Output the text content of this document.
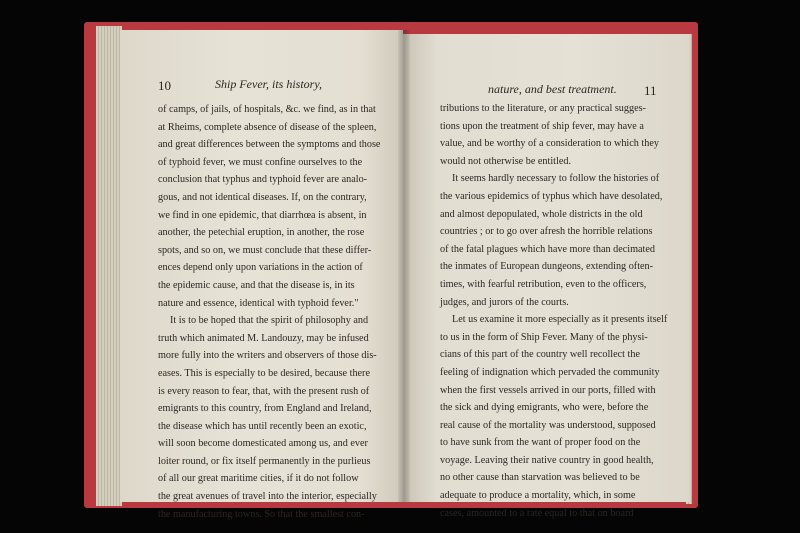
10	Ship Fever, its history,	nature, and best treatment. 11
of camps, of jails, of hospitals, &c. we find, as in that
at Rheims, complete absence of disease of the spleen,
and great differences between the symptoms and those
of typhoid fever, we must confine ourselves to the
conclusion that typhus and typhoid fever are analo-
gous, and not identical diseases. If, on the contrary,
we find in one epidemic, that diarrhœa is absent, in
another, the petechial eruption, in another, the rose
spots, and so on, we must conclude that these differ-
ences depend only upon variations in the action of
the epidemic cause, and that the disease is, in its
nature and essence, identical with typhoid fever."
It is to be hoped that the spirit of philosophy and
truth which animated M. Landouzy, may be infused
more fully into the writers and observers of those dis-
eases. This is especially to be desired, because there
is every reason to fear, that, with the present rush of
emigrants to this country, from England and Ireland,
the disease which has until recently been an exotic,
will soon become domesticated among us, and ever
loiter round, or fix itself permanently in the purlieus
of all our great maritime cities, if it do not follow
the great avenues of travel into the interior, especially
the manufacturing towns. So that the smallest con-
tributions to the literature, or any practical sugges-
tions upon the treatment of ship fever, may have a
value, and be worthy of a consideration to which they
would not otherwise be entitled.
It seems hardly necessary to follow the histories of
the various epidemics of typhus which have desolated,
and almost depopulated, whole districts in the old
countries ; or to go over afresh the horrible relations
of the fatal plagues which have more than decimated
the inmates of European dungeons, extending often-
times, with fearful retribution, even to the officers,
judges, and jurors of the courts.
Let us examine it more especially as it presents itself
to us in the form of Ship Fever. Many of the physi-
cians of this part of the country well recollect the
feeling of indignation which pervaded the community
when the first vessels arrived in our ports, filled with
the sick and dying emigrants, who were, before the
real cause of the mortality was understood, supposed
to have sunk from the want of proper food on the
voyage. Leaving their native country in good health,
no other cause than starvation was believed to be
adequate to produce a mortality, which, in some
cases, amounted to a rate equal to that on board
